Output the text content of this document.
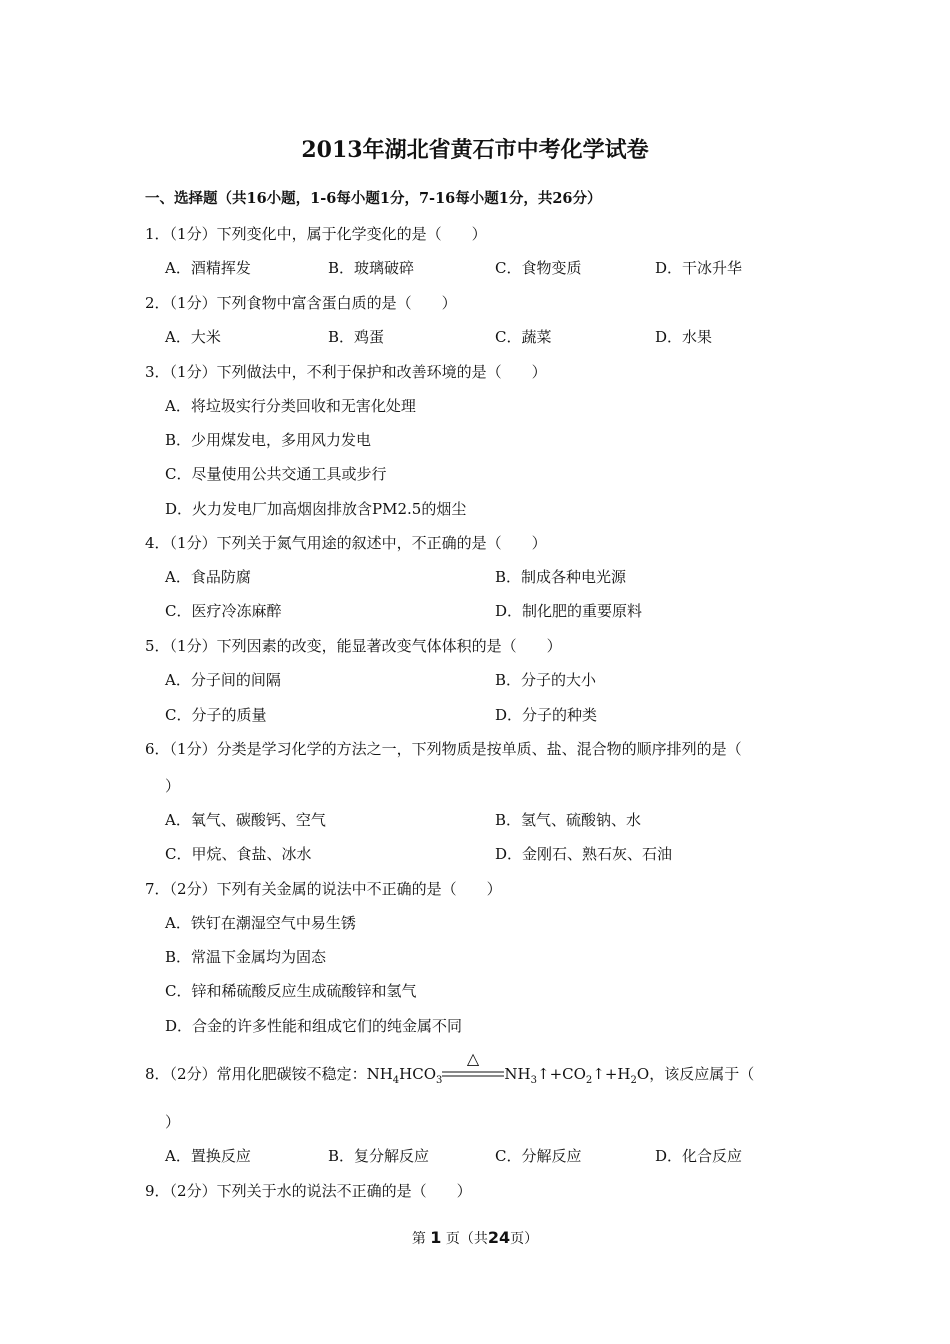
2013年湖北省黄石市中考化学试卷
一、选择题（共16小题，1-6每小题1分，7-16每小题1分，共26分）
1．（1分）下列变化中，属于化学变化的是（　　）
A．酒精挥发	B．玻璃破碎	C．食物变质	D．干冰升华
2．（1分）下列食物中富含蛋白质的是（　　）
A．大米	B．鸡蛋	C．蔬菜	D．水果
3．（1分）下列做法中，不利于保护和改善环境的是（　　）
A．将垃圾实行分类回收和无害化处理
B．少用煤发电，多用风力发电
C．尽量使用公共交通工具或步行
D．火力发电厂加高烟囱排放含PM2.5的烟尘
4．（1分）下列关于氮气用途的叙述中，不正确的是（　　）
A．食品防腐	B．制成各种电光源
C．医疗冷冻麻醉	D．制化肥的重要原料
5．（1分）下列因素的改变，能显著改变气体体积的是（　　）
A．分子间的间隔	B．分子的大小
C．分子的质量	D．分子的种类
6．（1分）分类是学习化学的方法之一，下列物质是按单质、盐、混合物的顺序排列的是（
）
A．氧气、碳酸钙、空气	B．氢气、硫酸钠、水
C．甲烷、食盐、冰水	D．金刚石、熟石灰、石油
7．（2分）下列有关金属的说法中不正确的是（　　）
A．铁钉在潮湿空气中易生锈
B．常温下金属均为固态
C．锌和稀硫酸反应生成硫酸锌和氢气
D．合金的许多性能和组成它们的纯金属不同
8．（2分）常用化肥碳铵不稳定：$NH_4HCO_3$
△
$NH_3↑+CO_2↑+H_2O$，该反应属于（
）
A．置换反应	B．复分解反应	C．分解反应	D．化合反应
9．（2分）下列关于水的说法不正确的是（　　）
第 1 页（共24页）
